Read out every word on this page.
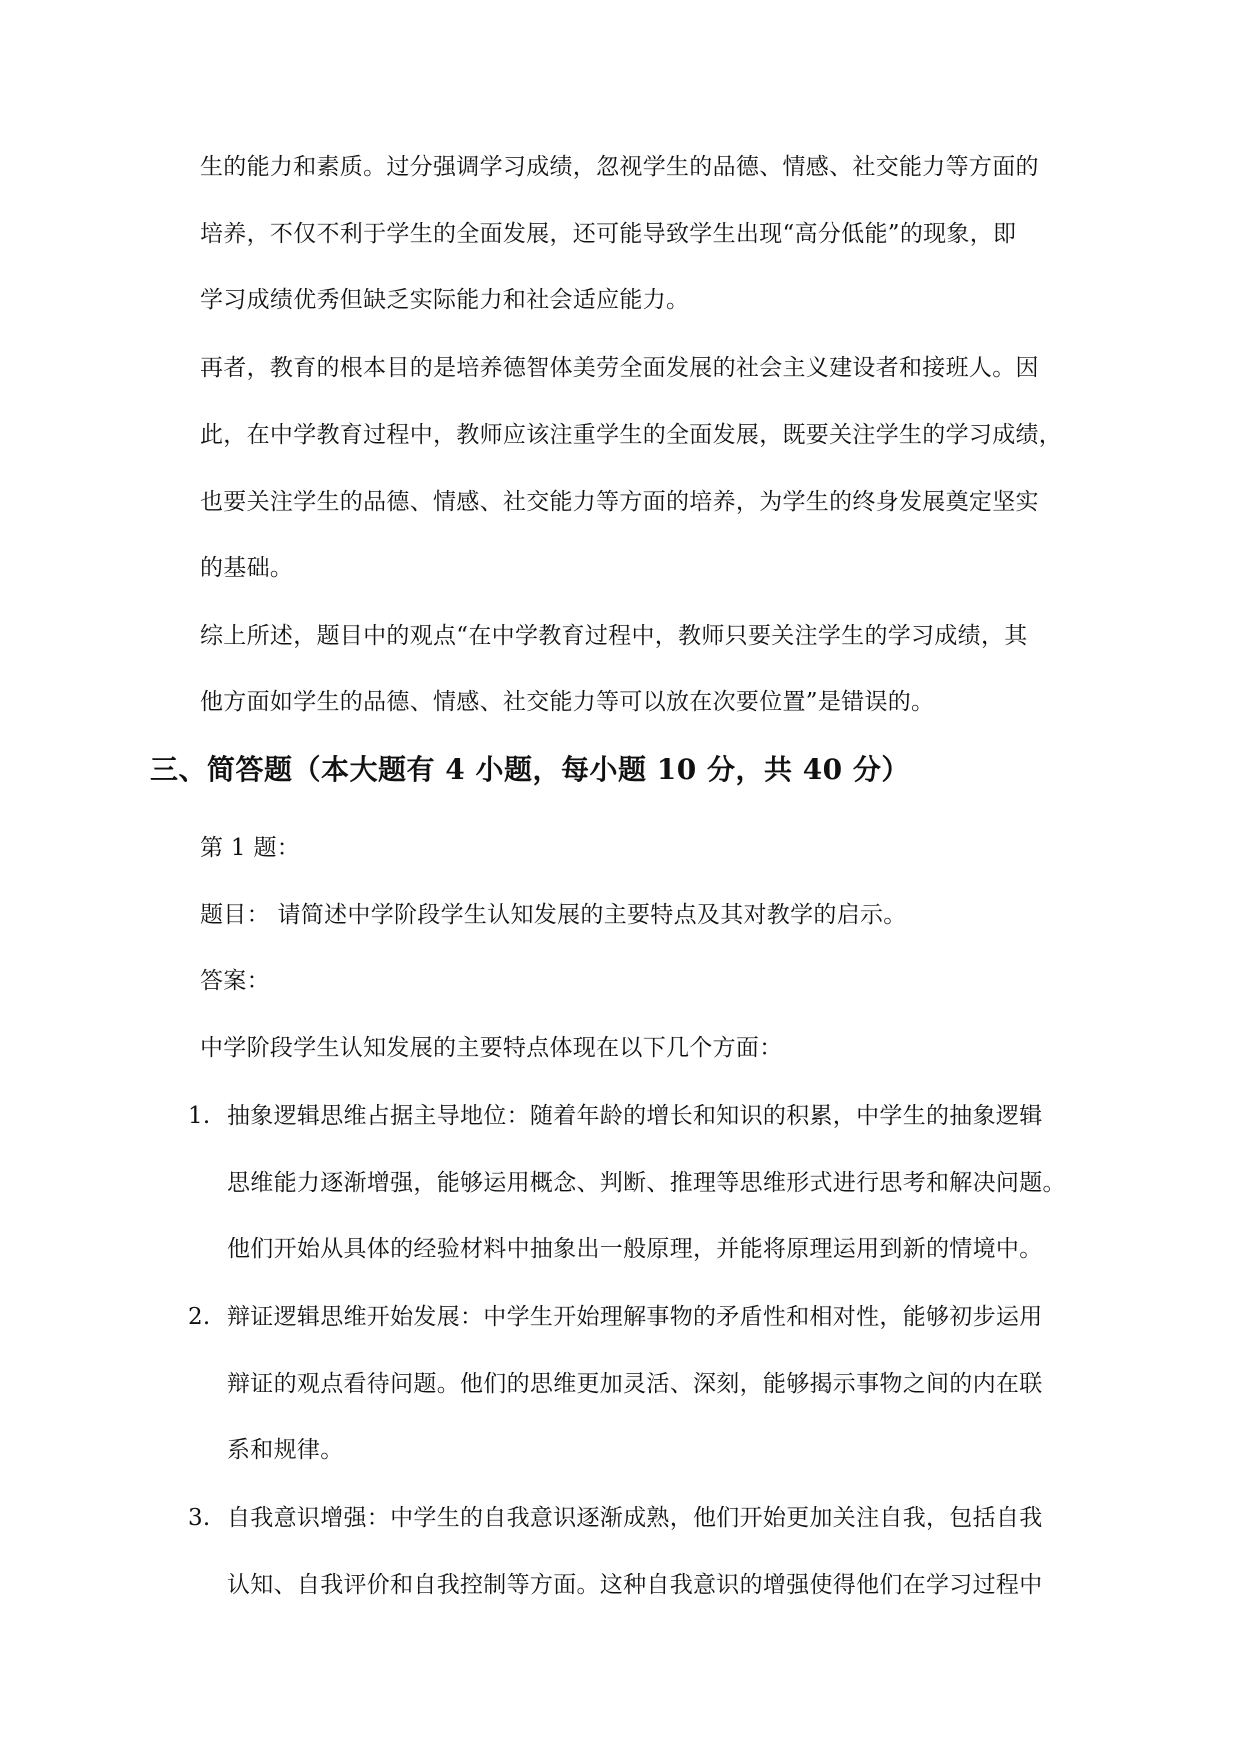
生的能力和素质。过分强调学习成绩，忽视学生的品德、情感、社交能力等方面的
培养，不仅不利于学生的全面发展，还可能导致学生出现“高分低能”的现象，即
学习成绩优秀但缺乏实际能力和社会适应能力。
再者，教育的根本目的是培养德智体美劳全面发展的社会主义建设者和接班人。因
此，在中学教育过程中，教师应该注重学生的全面发展，既要关注学生的学习成绩，
也要关注学生的品德、情感、社交能力等方面的培养，为学生的终身发展奠定坚实
的基础。
综上所述，题目中的观点“在中学教育过程中，教师只要关注学生的学习成绩，其
他方面如学生的品德、情感、社交能力等可以放在次要位置”是错误的。
三、简答题（本大题有 4 小题，每小题 10 分，共 40 分）
第 1 题：
题目： 请简述中学阶段学生认知发展的主要特点及其对教学的启示。
答案：
中学阶段学生认知发展的主要特点体现在以下几个方面：
1. 抽象逻辑思维占据主导地位：随着年龄的增长和知识的积累，中学生的抽象逻辑
思维能力逐渐增强，能够运用概念、判断、推理等思维形式进行思考和解决问题。
他们开始从具体的经验材料中抽象出一般原理，并能将原理运用到新的情境中。
2. 辩证逻辑思维开始发展：中学生开始理解事物的矛盾性和相对性，能够初步运用
辩证的观点看待问题。他们的思维更加灵活、深刻，能够揭示事物之间的内在联
系和规律。
3. 自我意识增强：中学生的自我意识逐渐成熟，他们开始更加关注自我，包括自我
认知、自我评价和自我控制等方面。这种自我意识的增强使得他们在学习过程中
